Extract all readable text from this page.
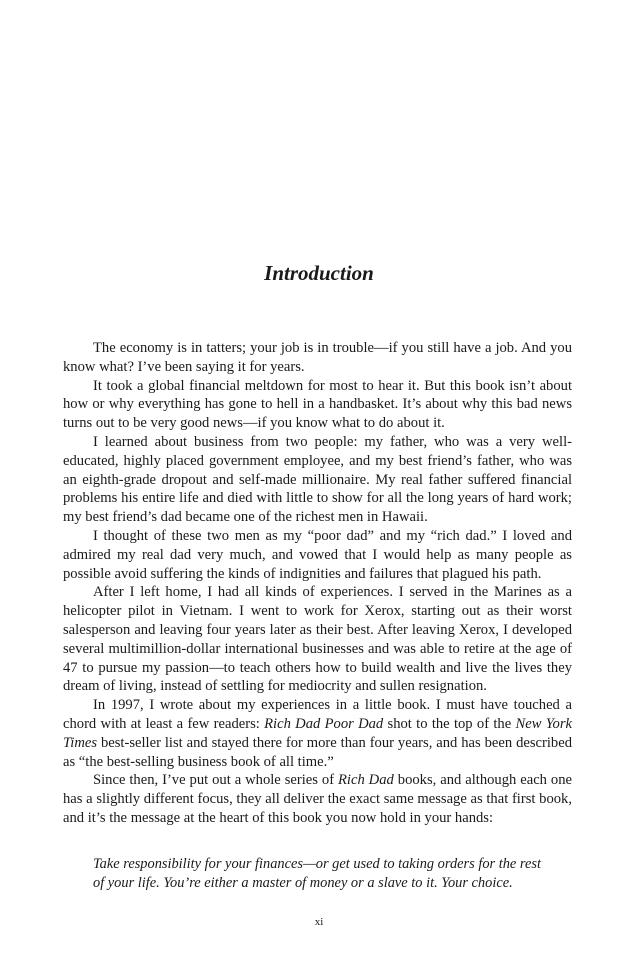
Introduction

The economy is in tatters; your job is in trouble—if you still have a job. And you know what? I’ve been saying it for years.

It took a global financial meltdown for most to hear it. But this book isn’t about how or why everything has gone to hell in a handbasket. It’s about why this bad news turns out to be very good news—if you know what to do about it.

I learned about business from two people: my father, who was a very well-educated, highly placed government employee, and my best friend’s father, who was an eighth-grade dropout and self-made millionaire. My real father suffered financial problems his entire life and died with little to show for all the long years of hard work; my best friend’s dad became one of the richest men in Hawaii.

I thought of these two men as my “poor dad” and my “rich dad.” I loved and admired my real dad very much, and vowed that I would help as many people as possible avoid suffering the kinds of indignities and failures that plagued his path.

After I left home, I had all kinds of experiences. I served in the Marines as a helicopter pilot in Vietnam. I went to work for Xerox, starting out as their worst salesperson and leaving four years later as their best. After leaving Xerox, I developed several multimillion-dollar international businesses and was able to retire at the age of 47 to pursue my passion—to teach others how to build wealth and live the lives they dream of living, instead of settling for mediocrity and sullen resignation.

In 1997, I wrote about my experiences in a little book. I must have touched a chord with at least a few readers: Rich Dad Poor Dad shot to the top of the New York Times best-seller list and stayed there for more than four years, and has been described as “the best-selling business book of all time.”

Since then, I’ve put out a whole series of Rich Dad books, and although each one has a slightly different focus, they all deliver the exact same message as that first book, and it’s the message at the heart of this book you now hold in your hands:

Take responsibility for your finances—or get used to taking orders for the rest
of your life. You’re either a master of money or a slave to it. Your choice.
xi
